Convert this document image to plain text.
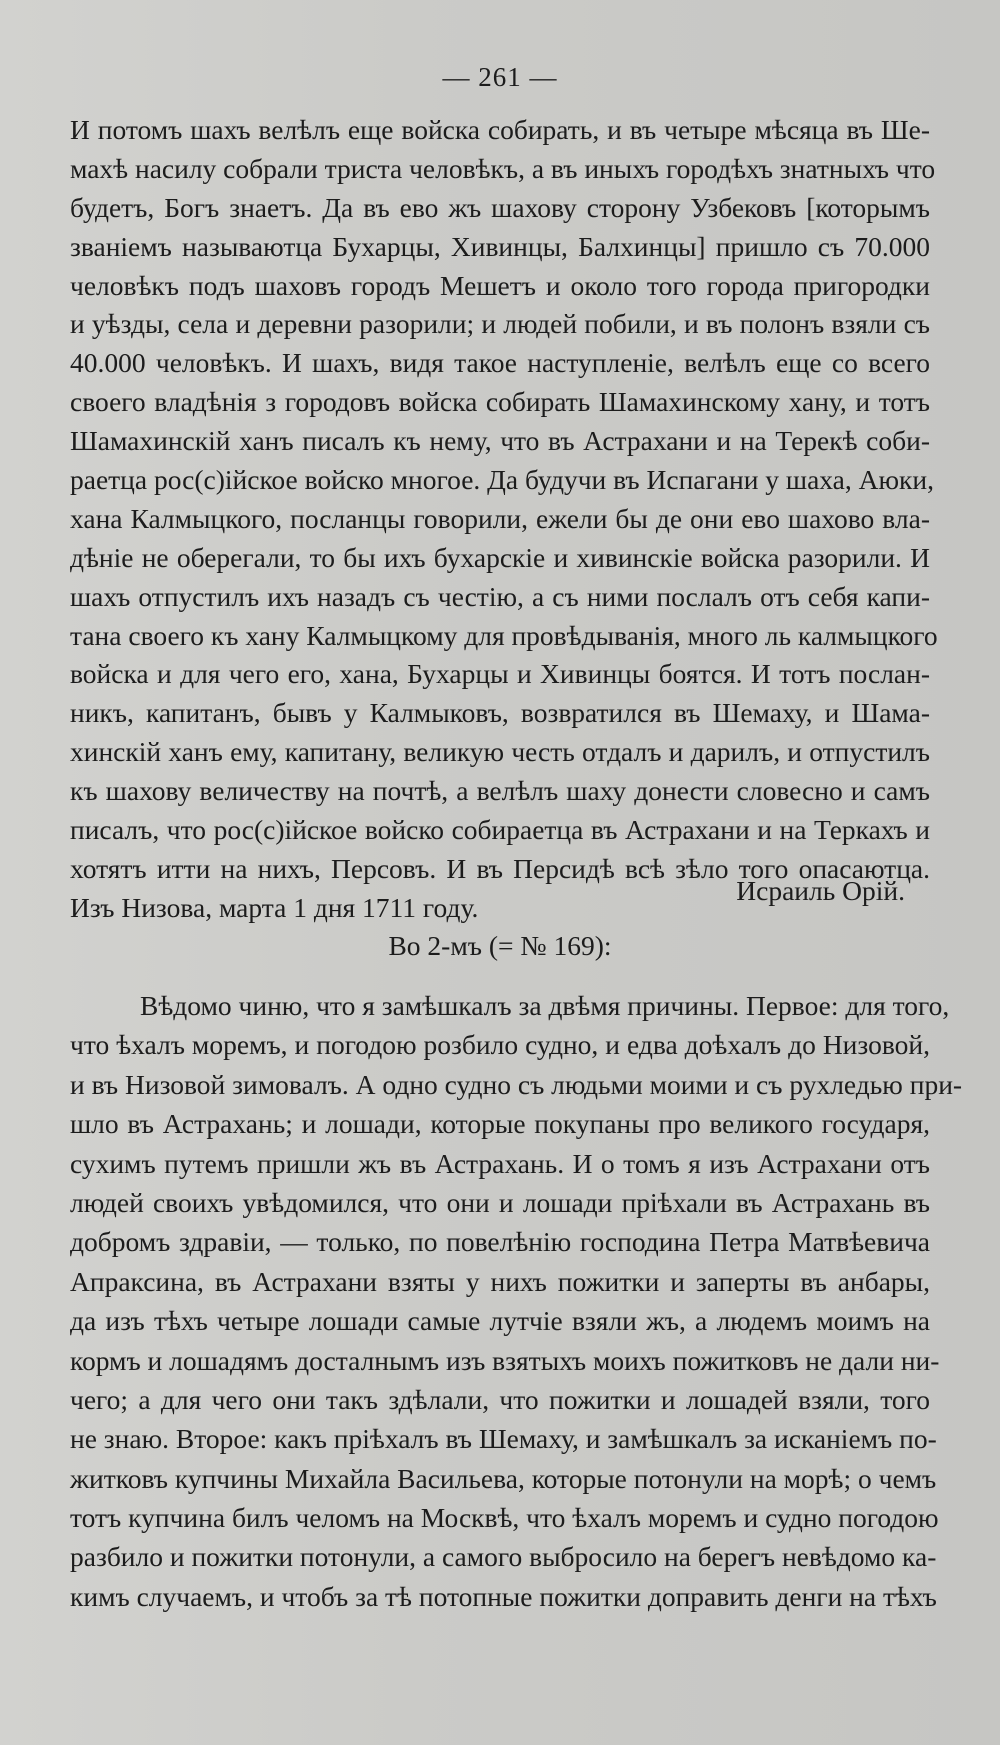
— 261 —
И потомъ шахъ велѣлъ еще войска собирать, и въ четыре мѣсяца въ Ше-
махѣ насилу собрали триста человѣкъ, а въ иныхъ городѣхъ знатныхъ что
будетъ, Богъ знаетъ. Да въ ево жъ шахову сторону Узбековъ [которымъ
званіемъ называютца Бухарцы, Хивинцы, Балхинцы] пришло съ 70.000
человѣкъ подъ шаховъ городъ Мешетъ и около того города пригородки
и уѣзды, села и деревни разорили; и людей побили, и въ полонъ взяли съ
40.000 человѣкъ. И шахъ, видя такое наступленіе, велѣлъ еще со всего
своего владѣнія з городовъ войска собирать Шамахинскому хану, и тотъ
Шамахинскій ханъ писалъ къ нему, что въ Астрахани и на Терекѣ соби-
раетца рос(с)ійское войско многое. Да будучи въ Испагани у шаха, Аюки,
хана Калмыцкого, посланцы говорили, ежели бы де они ево шахово вла-
дѣніе не оберегали, то бы ихъ бухарскіе и хивинскіе войска разорили. И
шахъ отпустилъ ихъ назадъ съ честію, а съ ними послалъ отъ себя капи-
тана своего къ хану Калмыцкому для провѣдыванія, много ль калмыцкого
войска и для чего его, хана, Бухарцы и Хивинцы боятся. И тотъ послан-
никъ, капитанъ, бывъ у Калмыковъ, возвратился въ Шемаху, и Шама-
хинскій ханъ ему, капитану, великую честь отдалъ и дарилъ, и отпустилъ
къ шахову величеству на почтѣ, а велѣлъ шаху донести словесно и самъ
писалъ, что рос(с)ійское войско собираетца въ Астрахани и на Теркахъ и
хотятъ итти на нихъ, Персовъ. И въ Персидѣ всѣ зѣло того опасаютца.
Изъ Низова, марта 1 дня 1711 году.
Исраиль Орій.
Во 2-мъ (= № 169):
Вѣдомо чиню, что я замѣшкалъ за двѣмя причины. Первое: для того,
что ѣхалъ моремъ, и погодою розбило судно, и едва доѣхалъ до Низовой,
и въ Низовой зимовалъ. А одно судно съ людьми моими и съ рухледью при-
шло въ Астрахань; и лошади, которые покупаны про великого государя,
сухимъ путемъ пришли жъ въ Астрахань. И о томъ я изъ Астрахани отъ
людей своихъ увѣдомился, что они и лошади пріѣхали въ Астрахань въ
добромъ здравіи, — только, по повелѣнію господина Петра Матвѣевича
Апраксина, въ Астрахани взяты у нихъ пожитки и заперты въ анбары,
да изъ тѣхъ четыре лошади самые лутчіе взяли жъ, а людемъ моимъ на
кормъ и лошадямъ досталнымъ изъ взятыхъ моихъ пожитковъ не дали ни-
чего; а для чего они такъ здѣлали, что пожитки и лошадей взяли, того
не знаю. Второе: какъ пріѣхалъ въ Шемаху, и замѣшкалъ за исканіемъ по-
житковъ купчины Михайла Васильева, которые потонули на морѣ; о чемъ
тотъ купчина билъ челомъ на Москвѣ, что ѣхалъ моремъ и судно погодою
разбило и пожитки потонули, а самого выбросило на берегъ невѣдомо ка-
кимъ случаемъ, и чтобъ за тѣ потопные пожитки доправить денги на тѣхъ
